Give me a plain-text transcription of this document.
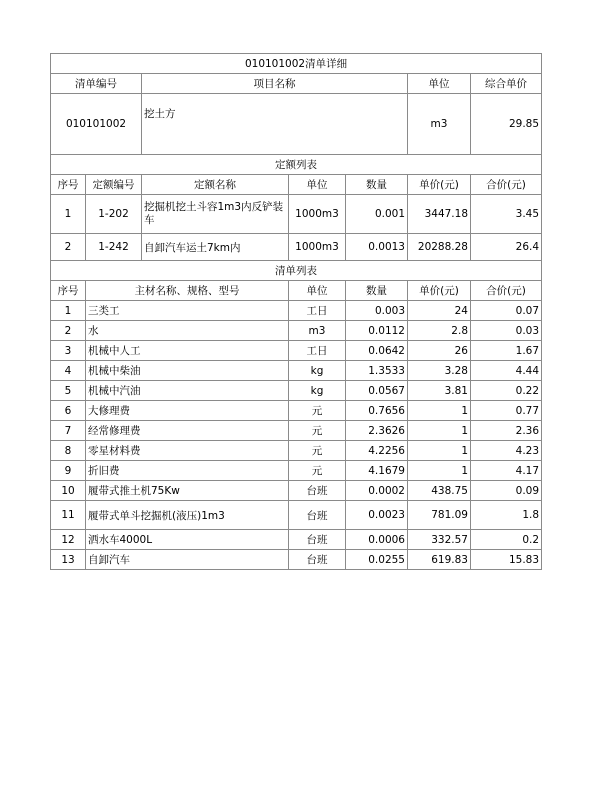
010101002清单详细						
清单编号		项目名称			单位	综合单价
010101002		挖土方			m3	29.85
定额列表						
序号	定额编号	定额名称	单位	数量	单价(元)	合价(元)
1	1-202	挖掘机挖土斗容1m3内反铲装车	1000m3	0.001	3447.18	3.45
2	1-242	自卸汽车运土7km内	1000m3	0.0013	20288.28	26.4
清单列表						
序号	主材名称、规格、型号		单位	数量	单价(元)	合价(元)
1	三类工		工日	0.003	24	0.07
2	水		m3	0.0112	2.8	0.03
3	机械中人工		工日	0.0642	26	1.67
4	机械中柴油		kg	1.3533	3.28	4.44
5	机械中汽油		kg	0.0567	3.81	0.22
6	大修理费		元	0.7656	1	0.77
7	经常修理费		元	2.3626	1	2.36
8	零星材料费		元	4.2256	1	4.23
9	折旧费		元	4.1679	1	4.17
10	履带式推土机75Kw		台班	0.0002	438.75	0.09
11	履带式单斗挖掘机(液压)1m3		台班	0.0023	781.09	1.8
12	洒水车4000L		台班	0.0006	332.57	0.2
13	自卸汽车		台班	0.0255	619.83	15.83
